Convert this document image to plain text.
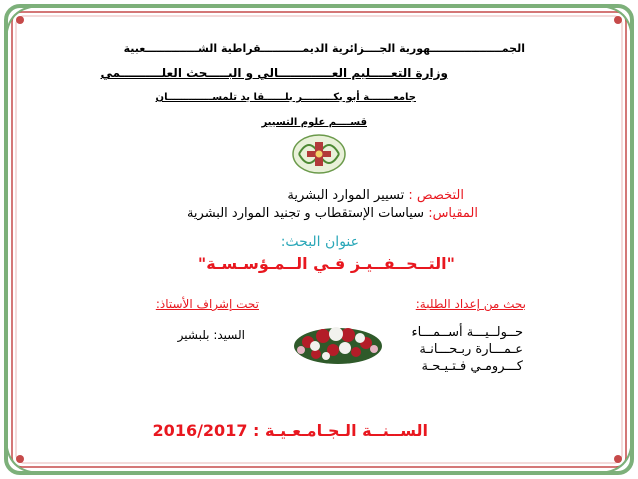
الجمـــــــــــــــــــهورية الجــــزائرية الديمـــــــــــقراطية الشــــــــــــــعبية

وزارة التعـــــليم العـــــــــــــالي و البـــــحث العلــــــــــمي

جامعـــــــة أبو بكـــــــــر بلــــــقا يد تلمســـــــــــــان

قســــم علوم التسيير

التخصص : تسيير الموارد البشرية

المقياس: سياسات الإستقطاب و تجنيد الموارد البشرية

عنوان البحث:

"التــحــفــيـز فـي الــمـؤسـسـة"

بحث من إعداد الطلبة:

حــولــيـــة أســمـــاء

عـمـــارة ربـحـــانـة

كـــرومـي فـتـيـحـة

تحت إشراف الأستاذ:

السيد: بلبشير

الســنــة الـجـامـعـيـة : 2016/2017
